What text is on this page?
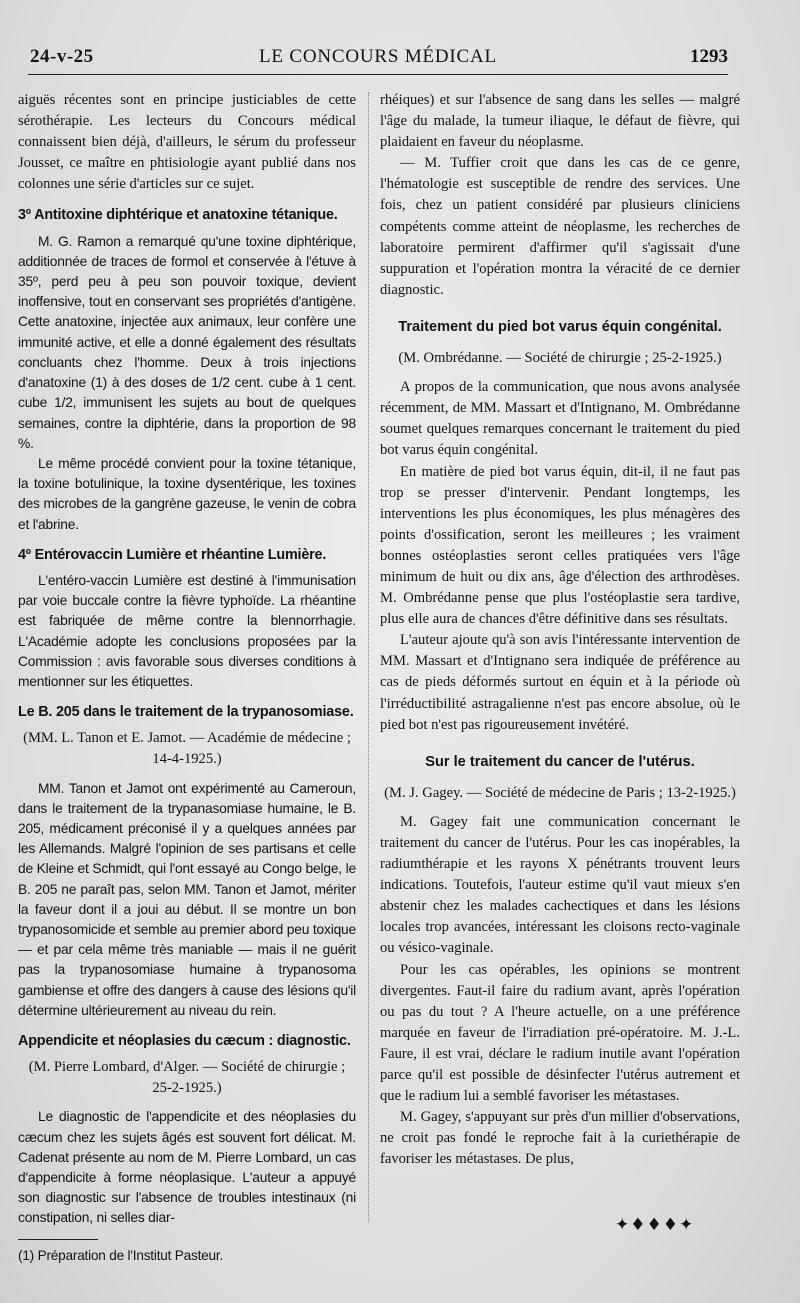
24-v-25	LE CONCOURS MÉDICAL	1293

aiguës récentes sont en principe justiciables de cette sérothérapie. Les lecteurs du Concours médical connaissent bien déjà, d'ailleurs, le sérum du professeur Jousset, ce maître en phtisiologie ayant publié dans nos colonnes une série d'articles sur ce sujet.

3º Antitoxine diphtérique et anatoxine tétanique.

M. G. Ramon a remarqué qu'une toxine diphtérique, additionnée de traces de formol et conservée à l'étuve à 35º, perd peu à peu son pouvoir toxique, devient inoffensive, tout en conservant ses propriétés d'antigène. Cette anatoxine, injectée aux animaux, leur confère une immunité active, et elle a donné également des résultats concluants chez l'homme. Deux à trois injections d'anatoxine (1) à des doses de 1/2 cent. cube à 1 cent. cube 1/2, immunisent les sujets au bout de quelques semaines, contre la diphtérie, dans la proportion de 98 %.

Le même procédé convient pour la toxine tétanique, la toxine botulinique, la toxine dysentérique, les toxines des microbes de la gangrène gazeuse, le venin de cobra et l'abrine.

4º Entérovaccin Lumière et rhéantine Lumière.

L'entéro-vaccin Lumière est destiné à l'immunisation par voie buccale contre la fièvre typhoïde. La rhéantine est fabriquée de même contre la blennorrhagie. L'Académie adopte les conclusions proposées par la Commission : avis favorable sous diverses conditions à mentionner sur les étiquettes.

Le B. 205 dans le traitement de la trypanosomiase.

(MM. L. Tanon et E. Jamot. — Académie de médecine ; 14-4-1925.)

MM. Tanon et Jamot ont expérimenté au Cameroun, dans le traitement de la trypanasomiase humaine, le B. 205, médicament préconisé il y a quelques années par les Allemands. Malgré l'opinion de ses partisans et celle de Kleine et Schmidt, qui l'ont essayé au Congo belge, le B. 205 ne paraît pas, selon MM. Tanon et Jamot, mériter la faveur dont il a joui au début. Il se montre un bon trypanosomicide et semble au premier abord peu toxique — et par cela même très maniable — mais il ne guérit pas la trypanosomiase humaine à trypanosoma gambiense et offre des dangers à cause des lésions qu'il détermine ultérieurement au niveau du rein.

Appendicite et néoplasies du cæcum : diagnostic.

(M. Pierre Lombard, d'Alger. — Société de chirurgie ; 25-2-1925.)

Le diagnostic de l'appendicite et des néoplasies du cæcum chez les sujets âgés est souvent fort délicat. M. Cadenat présente au nom de M. Pierre Lombard, un cas d'appendicite à forme néoplasique. L'auteur a appuyé son diagnostic sur l'absence de troubles intestinaux (ni constipation, ni selles diar-

(1) Préparation de l'Institut Pasteur.

rhéiques) et sur l'absence de sang dans les selles — malgré l'âge du malade, la tumeur iliaque, le défaut de fièvre, qui plaidaient en faveur du néoplasme.

— M. Tuffier croit que dans les cas de ce genre, l'hématologie est susceptible de rendre des services. Une fois, chez un patient considéré par plusieurs cliniciens compétents comme atteint de néoplasme, les recherches de laboratoire permirent d'affirmer qu'il s'agissait d'une suppuration et l'opération montra la véracité de ce dernier diagnostic.

Traitement du pied bot varus équin congénital.

(M. Ombrédanne. — Société de chirurgie ; 25-2-1925.)

A propos de la communication, que nous avons analysée récemment, de MM. Massart et d'Intignano, M. Ombrédanne soumet quelques remarques concernant le traitement du pied bot varus équin congénital.

En matière de pied bot varus équin, dit-il, il ne faut pas trop se presser d'intervenir. Pendant longtemps, les interventions les plus économiques, les plus ménagères des points d'ossification, seront les meilleures ; les vraiment bonnes ostéoplasties seront celles pratiquées vers l'âge minimum de huit ou dix ans, âge d'élection des arthrodèses. M. Ombrédanne pense que plus l'ostéoplastie sera tardive, plus elle aura de chances d'être définitive dans ses résultats.

L'auteur ajoute qu'à son avis l'intéressante intervention de MM. Massart et d'Intignano sera indiquée de préférence au cas de pieds déformés surtout en équin et à la période où l'irréductibilité astragalienne n'est pas encore absolue, où le pied bot n'est pas rigoureusement invétéré.

Sur le traitement du cancer de l'utérus.

(M. J. Gagey. — Société de médecine de Paris ; 13-2-1925.)

M. Gagey fait une communication concernant le traitement du cancer de l'utérus. Pour les cas inopérables, la radiumthérapie et les rayons X pénétrants trouvent leurs indications. Toutefois, l'auteur estime qu'il vaut mieux s'en abstenir chez les malades cachectiques et dans les lésions locales trop avancées, intéressant les cloisons recto-vaginale ou vésico-vaginale.

Pour les cas opérables, les opinions se montrent divergentes. Faut-il faire du radium avant, après l'opération ou pas du tout ? A l'heure actuelle, on a une préférence marquée en faveur de l'irradiation pré-opératoire. M. J.-L. Faure, il est vrai, déclare le radium inutile avant l'opération parce qu'il est possible de désinfecter l'utérus autrement et que le radium lui a semblé favoriser les métastases.

M. Gagey, s'appuyant sur près d'un millier d'observations, ne croit pas fondé le reproche fait à la curiethérapie de favoriser les métastases. De plus,

✦♦♦♦✦
